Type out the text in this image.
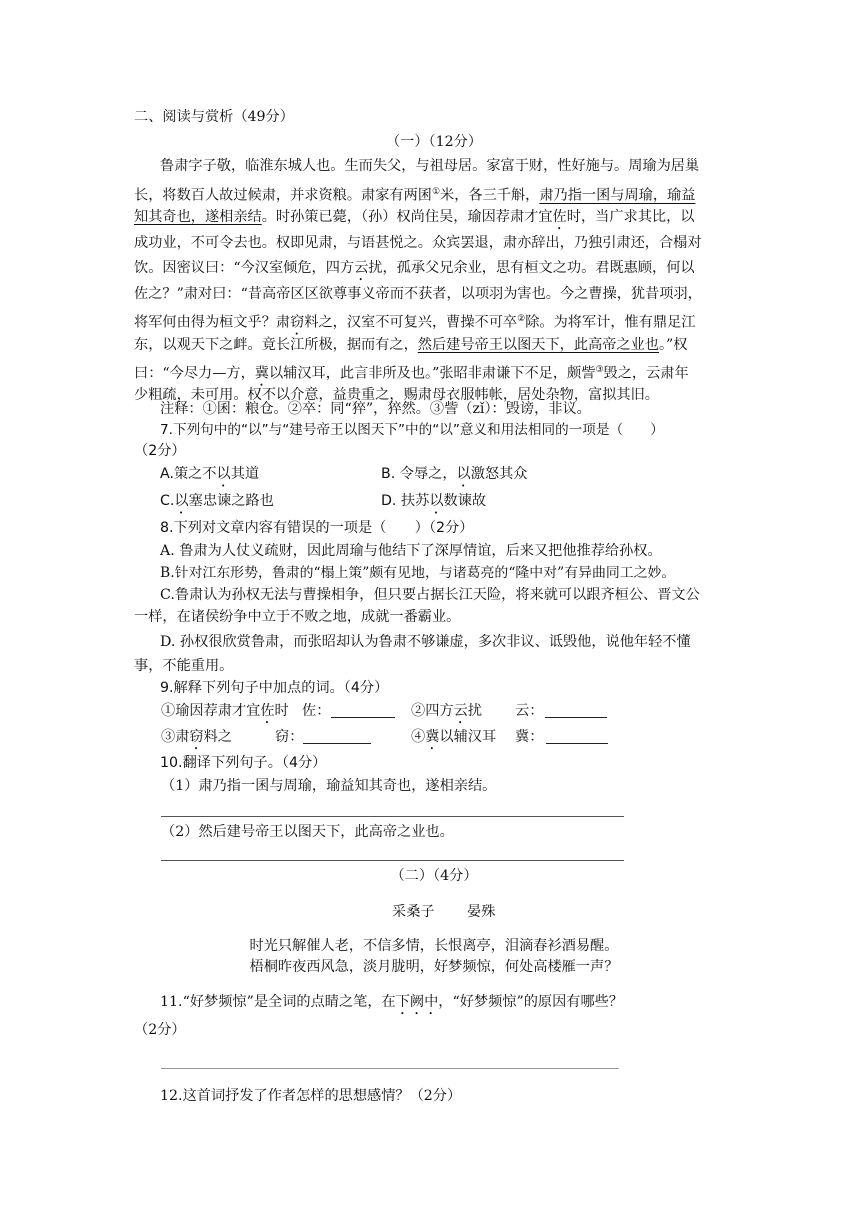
二、阅读与赏析（49分）
（一）（12分）
鲁肃字子敬，临淮东城人也。生而失父，与祖母居。家富于财，性好施与。周瑜为居巢
长，将数百人故过候肃，并求资粮。肃家有两囷①米，各三千斛，肃乃指一囷与周瑜，瑜益
知其奇也，遂相亲结。时孙策已薨，（孙）权尚住吴，瑜因荐肃才宜佐时，当广求其比，以
成功业，不可令去也。权即见肃，与语甚悦之。众宾罢退，肃亦辞出，乃独引肃还，合榻对
饮。因密议曰：“今汉室倾危，四方云扰，孤承父兄余业，思有桓文之功。君既惠顾，何以
佐之？”肃对曰：“昔高帝区区欲尊事义帝而不获者，以项羽为害也。今之曹操，犹昔项羽，
将军何由得为桓文乎？肃窃料之，汉室不可复兴，曹操不可卒②除。为将军计，惟有鼎足江
东，以观天下之衅。竟长江所极，据而有之，然后建号帝王以图天下，此高帝之业也。”权
曰：“今尽力—方，冀以辅汉耳，此言非所及也。”张昭非肃谦下不足，颇訾③毁之，云肃年
少粗疏，未可用。权不以介意，益贵重之，赐肃母衣服帏帐，居处杂物，富拟其旧。
注释：①囷：粮仓。②卒：同“猝”，猝然。③訾（zǐ）：毁谤，非议。
7.下列句中的“以”与“建号帝王以图天下”中的“以”意义和用法相同的一项是（　　）
（2分）
A.策之不以其道	B. 令辱之，以激怒其众
C.以塞忠谏之路也	D. 扶苏以数谏故
8.下列对文章内容有错误的一项是（　　）（2分）
A. 鲁肃为人仗义疏财，因此周瑜与他结下了深厚情谊，后来又把他推荐给孙权。
B.针对江东形势，鲁肃的“榻上策”颇有见地，与诸葛亮的“隆中对”有异曲同工之妙。
C.鲁肃认为孙权无法与曹操相争，但只要占据长江天险，将来就可以跟齐桓公、晋文公
一样，在诸侯纷争中立于不败之地，成就一番霸业。
D. 孙权很欣赏鲁肃，而张昭却认为鲁肃不够谦虚，多次非议、诋毁他，说他年轻不懂
事，不能重用。
9.解释下列句子中加点的词。（4分）
①瑜因荐肃才宜佐时 佐：	②四方云扰 云：
③肃窃料之	窃：	④冀以辅汉耳 冀：
10.翻译下列句子。（4分）
（1）肃乃指一囷与周瑜，瑜益知其奇也，遂相亲结。
（2）然后建号帝王以图天下，此高帝之业也。
（二）（4分）
采桑子 晏殊
时光只解催人老，不信多情，长恨离亭，泪滴春衫酒易醒。
梧桐昨夜西风急，淡月胧明，好梦频惊，何处高楼雁一声？
11.“好梦频惊”是全词的点睛之笔，在下阙中，“好梦频惊”的原因有哪些？
（2分）
12.这首词抒发了作者怎样的思想感情？（2分）
